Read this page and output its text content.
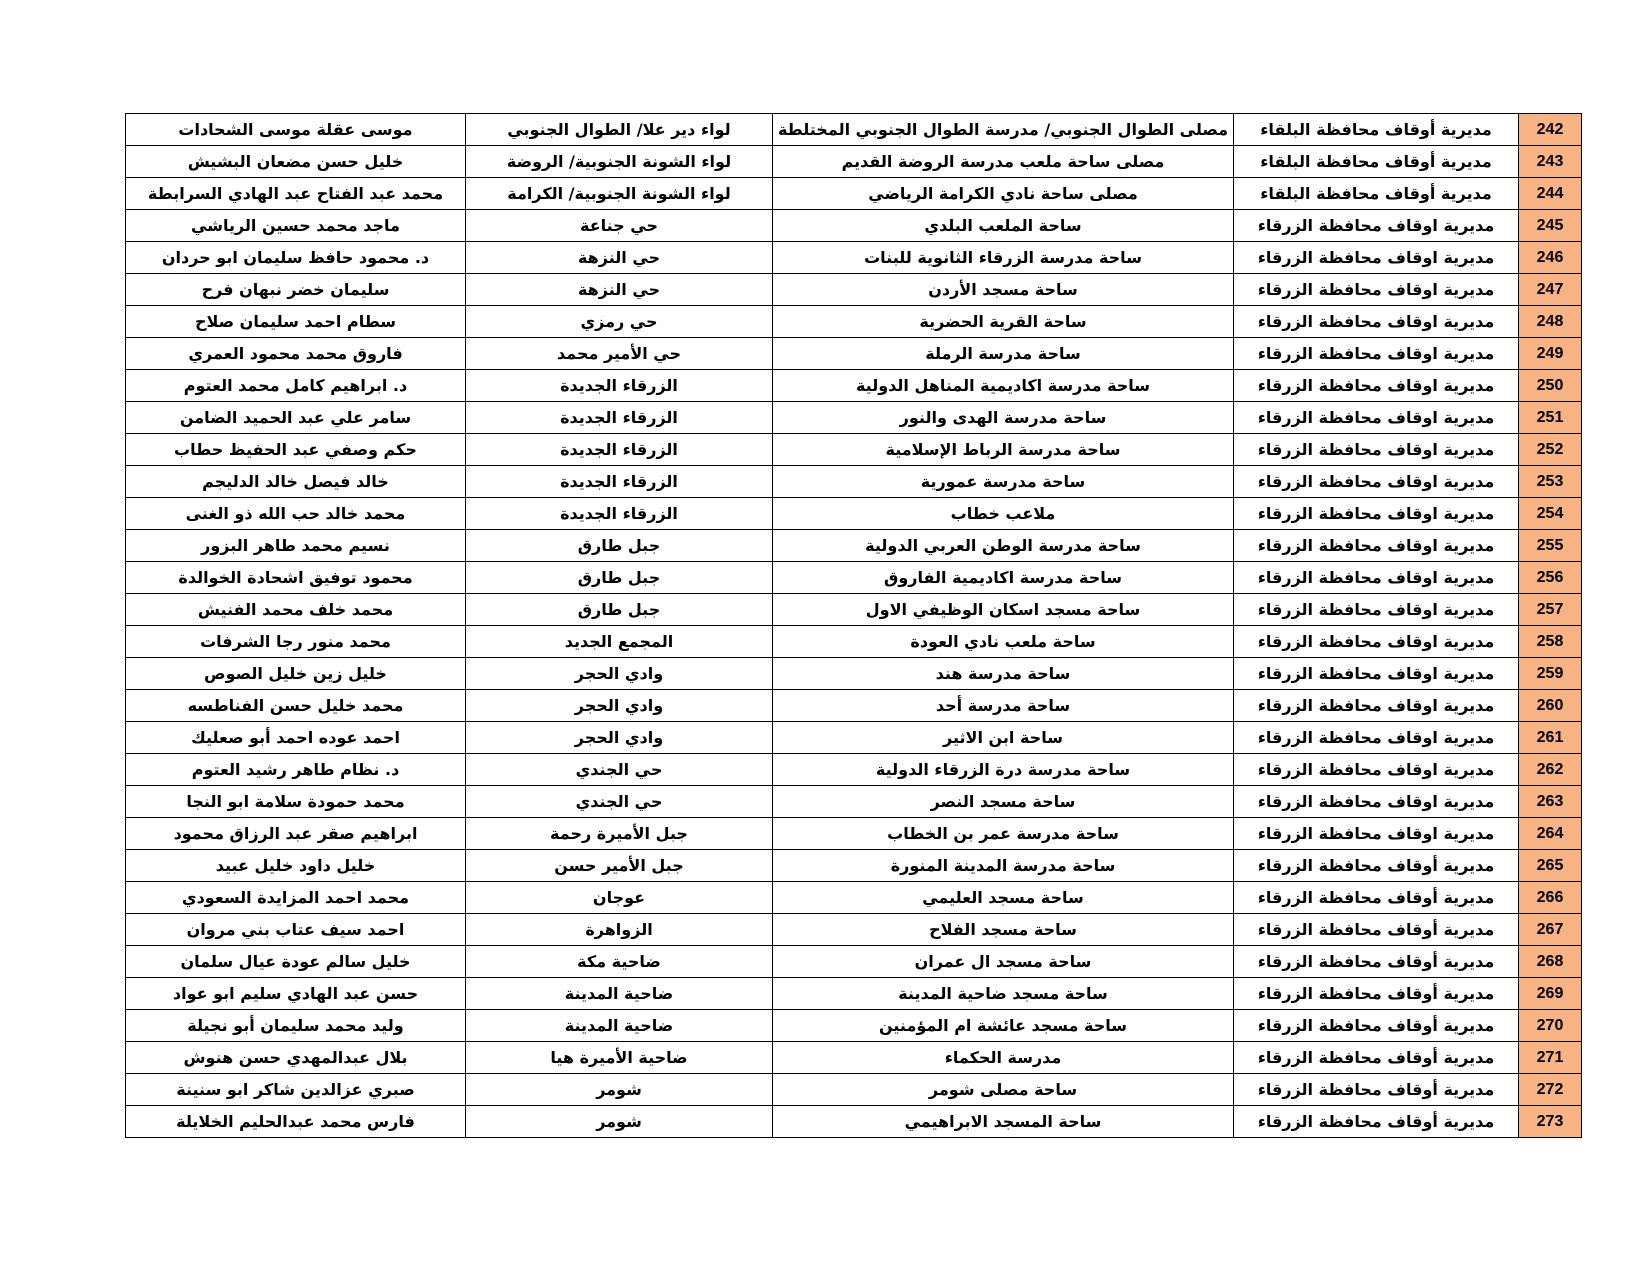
242	مديرية أوقاف محافظة البلقاء	مصلى الطوال الجنوبي/ مدرسة الطوال الجنوبي المختلطة	لواء دير علا/ الطوال الجنوبي	موسى عقلة موسى الشحادات
243	مديرية أوقاف محافظة البلقاء	مصلى ساحة ملعب مدرسة الروضة القديم	لواء الشونة الجنوبية/ الروضة	خليل حسن مضعان البشيش
244	مديرية أوقاف محافظة البلقاء	مصلى ساحة نادي الكرامة الرياضي	لواء الشونة الجنوبية/ الكرامة	محمد عبد الفتاح عبد الهادي السرابطة
245	مديرية اوقاف محافظة الزرقاء	ساحة الملعب البلدي	حي جناعة	ماجد محمد حسين الرياشي
246	مديرية اوقاف محافظة الزرقاء	ساحة مدرسة الزرقاء الثانوية للبنات	حي النزهة	د. محمود حافظ سليمان ابو حردان
247	مديرية اوقاف محافظة الزرقاء	ساحة مسجد الأردن	حي النزهة	سليمان خضر نبهان فرح
248	مديرية اوقاف محافظة الزرقاء	ساحة القرية الحضرية	حي رمزي	سطام احمد سليمان صلاح
249	مديرية اوقاف محافظة الزرقاء	ساحة مدرسة الرملة	حي الأمير محمد	فاروق محمد محمود العمري
250	مديرية اوقاف محافظة الزرقاء	ساحة مدرسة اكاديمية المناهل الدولية	الزرقاء الجديدة	د. ابراهيم كامل محمد العتوم
251	مديرية اوقاف محافظة الزرقاء	ساحة مدرسة الهدى والنور	الزرقاء الجديدة	سامر علي عبد الحميد الضامن
252	مديرية اوقاف محافظة الزرقاء	ساحة مدرسة الرباط الإسلامية	الزرقاء الجديدة	حكم وصفي عبد الحفيظ حطاب
253	مديرية اوقاف محافظة الزرقاء	ساحة مدرسة عمورية	الزرقاء الجديدة	خالد فيصل خالد الدليجم
254	مديرية اوقاف محافظة الزرقاء	ملاعب خطاب	الزرقاء الجديدة	محمد خالد حب الله ذو الغنى
255	مديرية اوقاف محافظة الزرقاء	ساحة مدرسة الوطن العربي الدولية	جبل طارق	نسيم محمد طاهر البزور
256	مديرية اوقاف محافظة الزرقاء	ساحة مدرسة اكاديمية الفاروق	جبل طارق	محمود توفيق اشحادة الخوالدة
257	مديرية اوقاف محافظة الزرقاء	ساحة مسجد اسكان الوظيفي الاول	جبل طارق	محمد خلف محمد الفنيش
258	مديرية اوقاف محافظة الزرقاء	ساحة ملعب نادي العودة	المجمع الجديد	محمد منور رجا الشرفات
259	مديرية اوقاف محافظة الزرقاء	ساحة مدرسة هند	وادي الحجر	خليل زين خليل الصوص
260	مديرية اوقاف محافظة الزرقاء	ساحة مدرسة أحد	وادي الحجر	محمد خليل حسن الفناطسه
261	مديرية اوقاف محافظة الزرقاء	ساحة ابن الاثير	وادي الحجر	احمد عوده احمد أبو صعليك
262	مديرية اوقاف محافظة الزرقاء	ساحة مدرسة درة الزرقاء الدولية	حي الجندي	د. نظام طاهر رشيد العتوم
263	مديرية اوقاف محافظة الزرقاء	ساحة مسجد النصر	حي الجندي	محمد حمودة سلامة ابو النجا
264	مديرية اوقاف محافظة الزرقاء	ساحة مدرسة عمر بن الخطاب	جبل الأميرة رحمة	ابراهيم صقر عبد الرزاق محمود
265	مديرية أوقاف محافظة الزرقاء	ساحة مدرسة المدينة المنورة	جبل الأمير حسن	خليل داود خليل عبيد
266	مديرية أوقاف محافظة الزرقاء	ساحة مسجد العليمي	عوجان	محمد احمد المزايدة السعودي
267	مديرية أوقاف محافظة الزرقاء	ساحة مسجد الفلاح	الزواهرة	احمد سيف عتاب بني مروان
268	مديرية أوقاف محافظة الزرقاء	ساحة مسجد ال عمران	ضاحية مكة	خليل سالم عودة عيال سلمان
269	مديرية أوقاف محافظة الزرقاء	ساحة مسجد ضاحية المدينة	ضاحية المدينة	حسن عبد الهادي سليم ابو عواد
270	مديرية أوقاف محافظة الزرقاء	ساحة مسجد عائشة ام المؤمنين	ضاحية المدينة	وليد محمد سليمان أبو نجيلة
271	مديرية أوقاف محافظة الزرقاء	مدرسة الحكماء	ضاحية الأميرة هيا	بلال عبدالمهدي حسن هنوش
272	مديرية أوقاف محافظة الزرقاء	ساحة مصلى شومر	شومر	صبري عزالدين شاكر ابو سنينة
273	مديرية أوقاف محافظة الزرقاء	ساحة المسجد الابراهيمي	شومر	فارس محمد عبدالحليم الخلايلة
